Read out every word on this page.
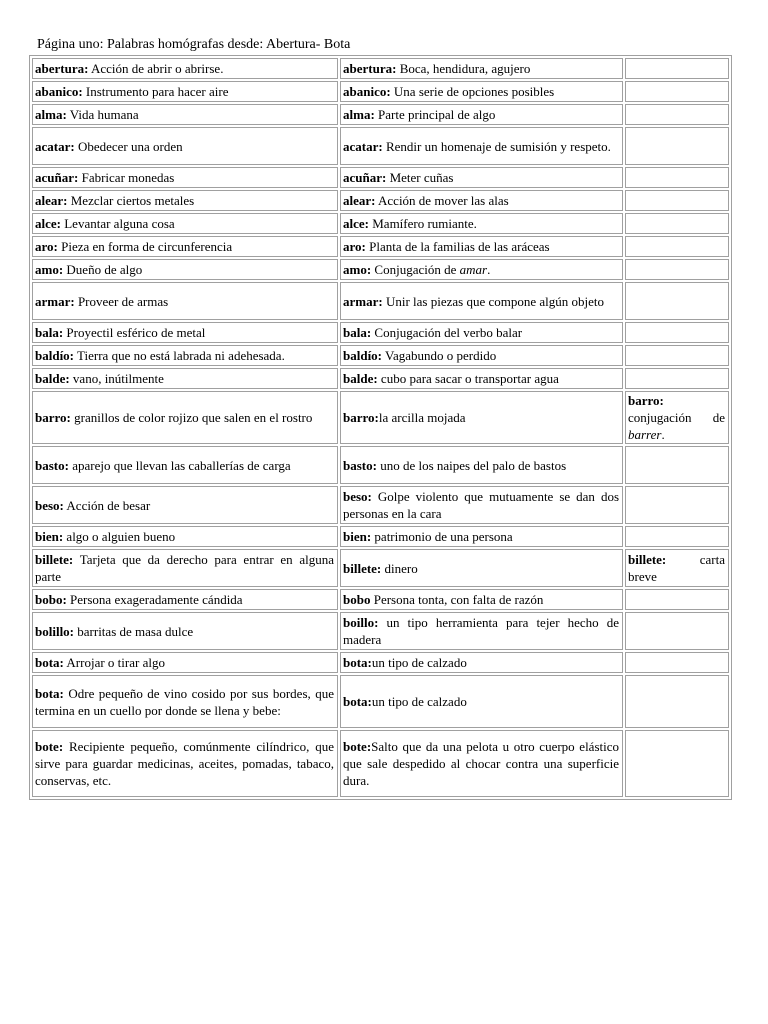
Página uno: Palabras homógrafas desde: Abertura- Bota
abertura: Acción de abrir o abrirse.	abertura: Boca, hendidura, agujero	
abanico: Instrumento para hacer aire	abanico: Una serie de opciones posibles	
alma: Vida humana	alma: Parte principal de algo	
acatar: Obedecer una orden	acatar: Rendir un homenaje de sumisión y respeto.	
acuñar: Fabricar monedas	acuñar: Meter cuñas	
alear: Mezclar ciertos metales	alear: Acción de mover las alas	
alce: Levantar alguna cosa	alce: Mamífero rumiante.	
aro: Pieza en forma de circunferencia	aro: Planta de la familias de las aráceas	
amo: Dueño de algo	amo: Conjugación de amar.	
armar: Proveer de armas	armar: Unir las piezas que compone algún objeto	
bala: Proyectil esférico de metal	bala: Conjugación del verbo balar	
baldío: Tierra que no está labrada ni adehesada.	baldío: Vagabundo o perdido	
balde: vano, inútilmente	balde: cubo para sacar o transportar agua	
barro: granillos de color rojizo que salen en el rostro	barro:la arcilla mojada	barro: conjugación de barrer.
basto: aparejo que llevan las caballerías de carga	basto: uno de los naipes del palo de bastos	
beso: Acción de besar	beso: Golpe violento que mutuamente se dan dos personas en la cara	
bien: algo o alguien bueno	bien: patrimonio de una persona	
billete: Tarjeta que da derecho para entrar en alguna parte	billete: dinero	billete: carta breve
bobo: Persona exageradamente cándida	bobo Persona tonta, con falta de razón	
bolillo: barritas de masa dulce	boillo: un tipo herramienta para tejer hecho de madera	
bota: Arrojar o tirar algo	bota:un tipo de calzado	
bota: Odre pequeño de vino cosido por sus bordes, que termina en un cuello por donde se llena y bebe:	bota:un tipo de calzado	
bote: Recipiente pequeño, comúnmente cilíndrico, que sirve para guardar medicinas, aceites, pomadas, tabaco, conservas, etc.	bote:Salto que da una pelota u otro cuerpo elástico que sale despedido al chocar contra una superficie dura.	
